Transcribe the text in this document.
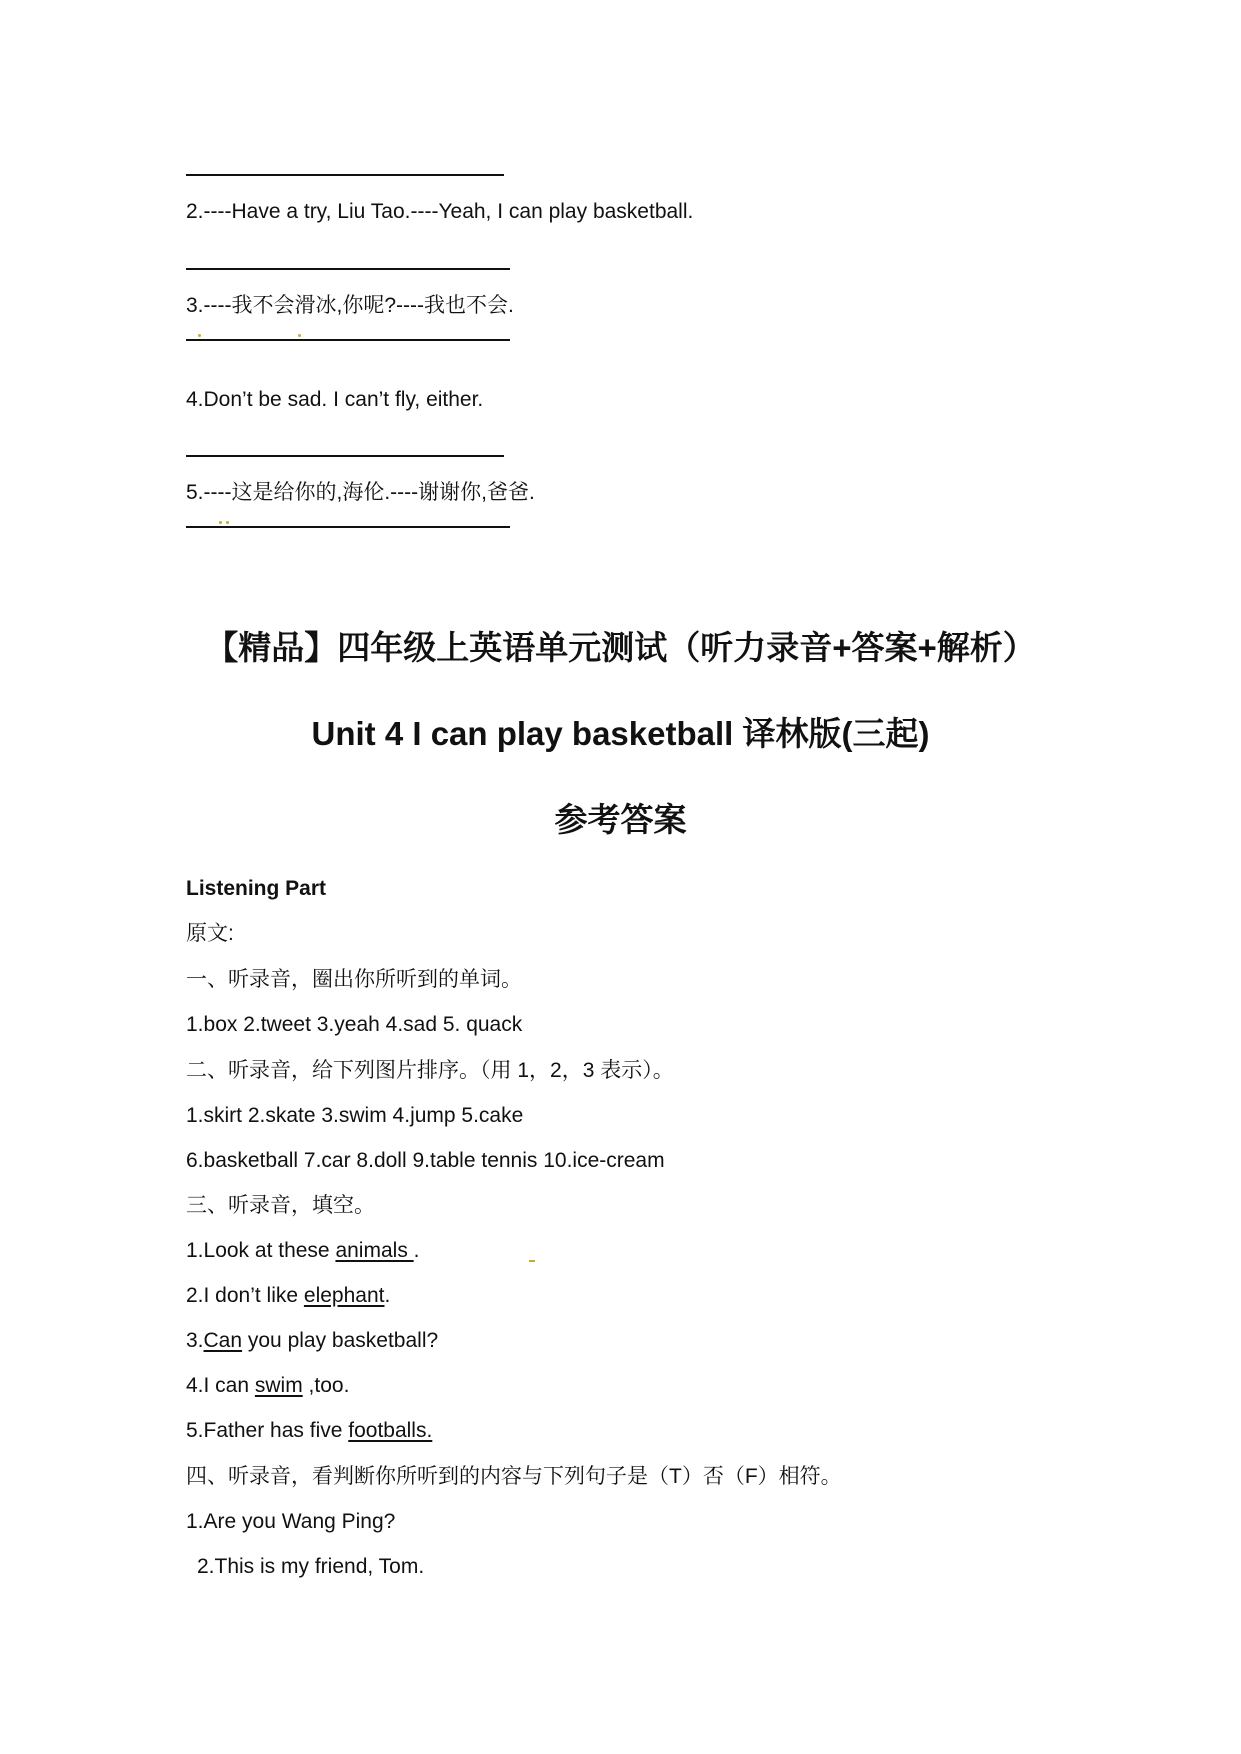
2.----Have a try, Liu Tao.----Yeah, I can play basketball.
3.----我不会滑冰,你呢?----我也不会.
4.Don’t be sad. I can’t fly, either.
5.----这是给你的,海伦.----谢谢你,爸爸.
【精品】四年级上英语单元测试（听力录音+答案+解析）
Unit 4 I can play basketball 译林版(三起)
参考答案
Listening Part
原文:
一、听录音，圈出你所听到的单词。
1.box 2.tweet 3.yeah 4.sad 5. quack
二、听录音，给下列图片排序。（用 1，2，3 表示）。
1.skirt 2.skate 3.swim 4.jump 5.cake
6.basketball 7.car 8.doll 9.table tennis 10.ice-cream
三、听录音，填空。
1.Look at these animals .
2.I don’t like elephant.
3.Can you play basketball?
4.I can swim ,too.
5.Father has five footballs.
四、听录音，看判断你所听到的内容与下列句子是（T）否（F）相符。
1.Are you Wang Ping?
2.This is my friend, Tom.
